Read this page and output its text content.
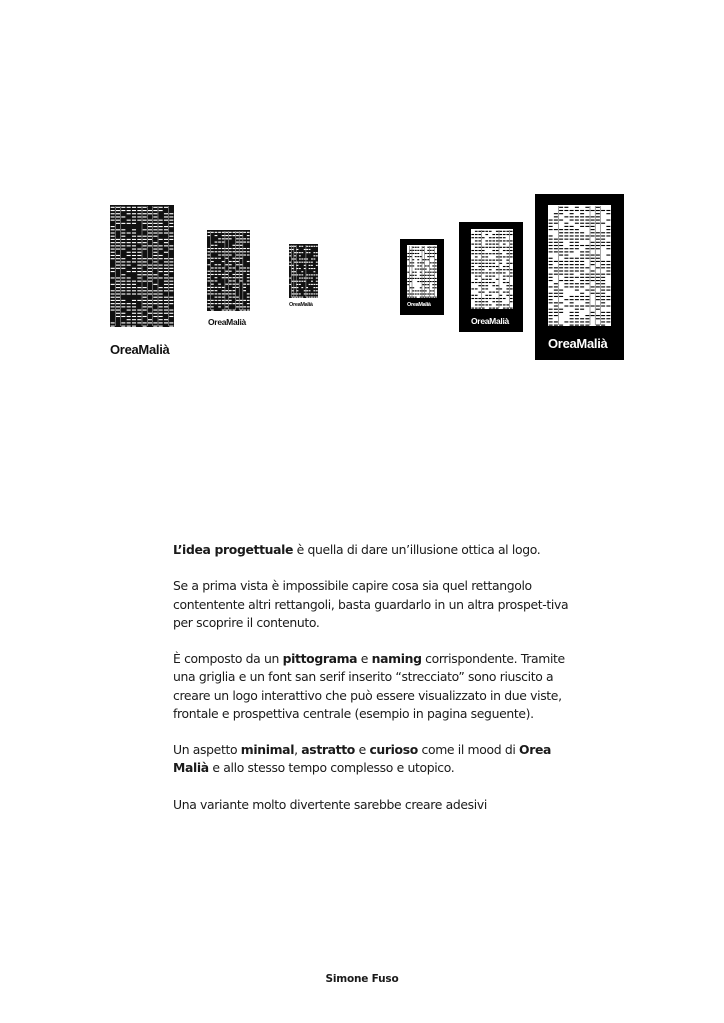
OreaMalià
OreaMalià
OreaMalià	OreaMalià
OreaMalià
OreaMalià

L’idea progettuale è quella di dare un’illusione ottica al logo.

Se a prima vista è impossibile capire cosa sia quel rettangolo contentente altri rettangoli, basta guardarlo in un altra prospet-tiva per scoprire il contenuto.

È composto da un pittograma e naming corrispondente. Tramite una griglia e un font san serif inserito “strecciato” sono riuscito a creare un logo interattivo che può essere visualizzato in due viste, frontale e prospettiva centrale (esempio in pagina seguente).

Un aspetto minimal, astratto e curioso come il mood di Orea Malià e allo stesso tempo complesso e utopico.

Una variante molto divertente sarebbe creare adesivi

Simone Fuso
